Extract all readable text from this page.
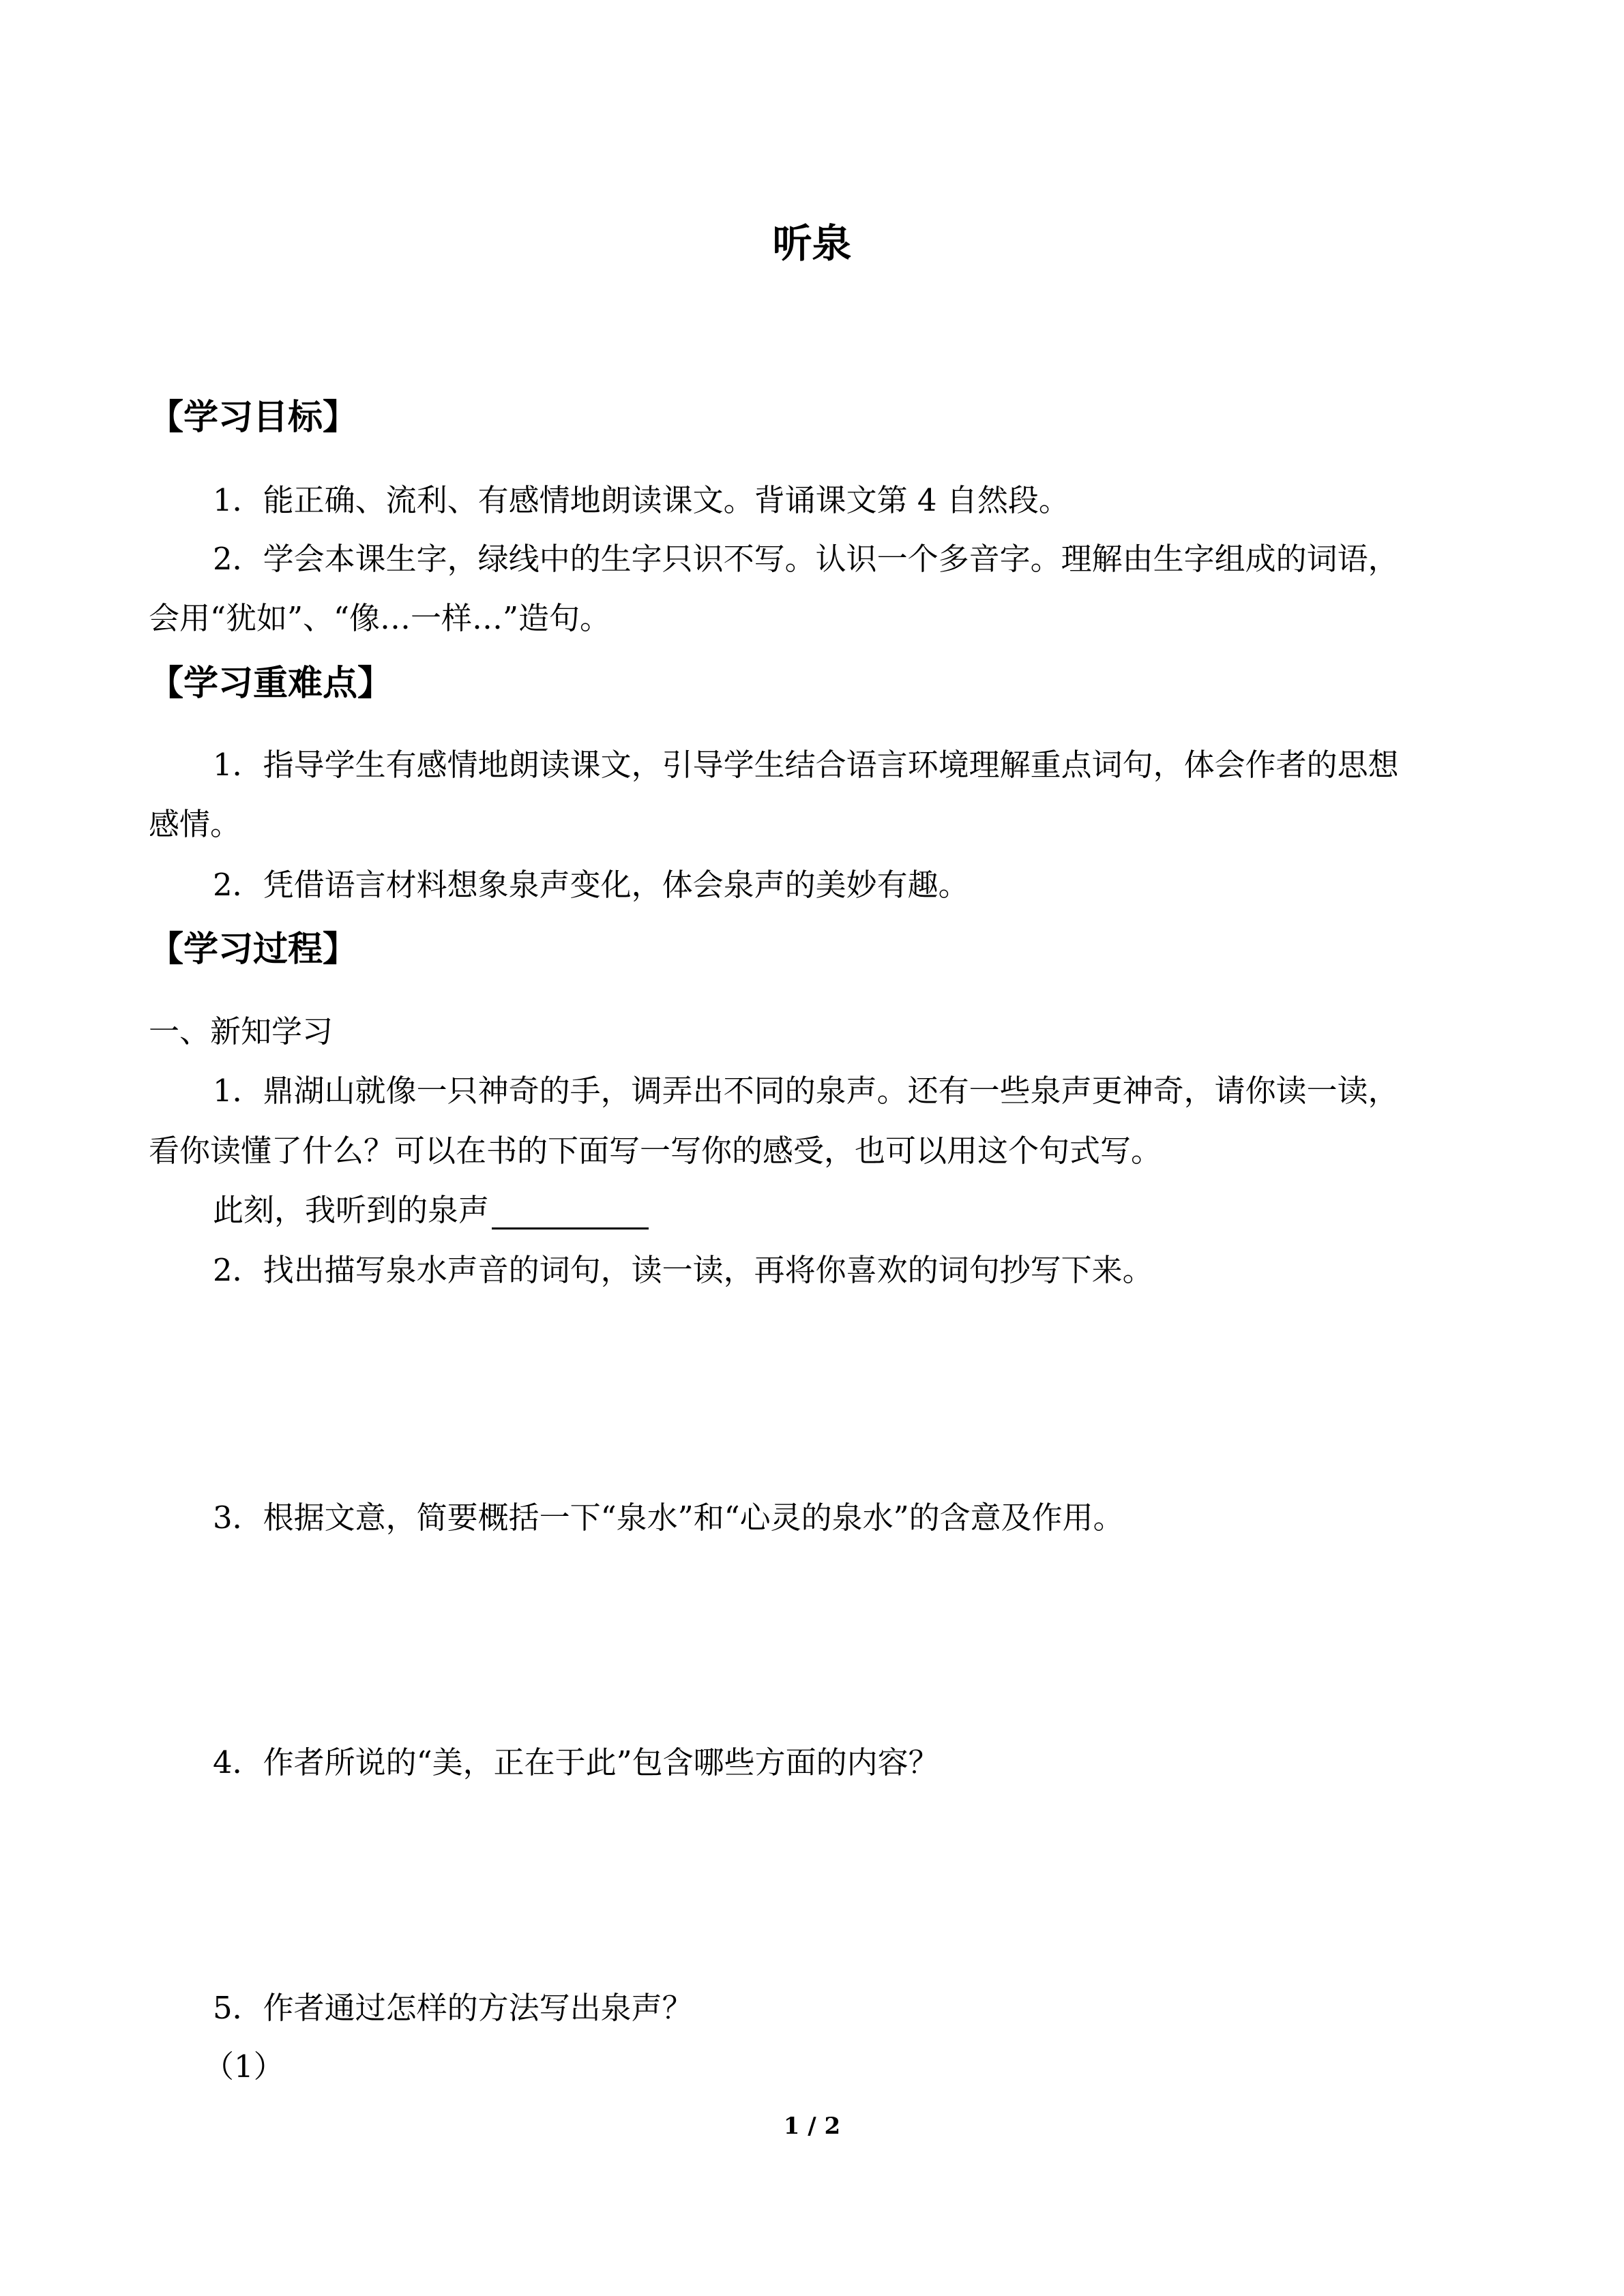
听泉
【学习目标】
1．能正确、流利、有感情地朗读课文。背诵课文第 4 自然段。
2．学会本课生字，绿线中的生字只识不写。认识一个多音字。理解由生字组成的词语，
会用“犹如”、“像…一样…”造句。
【学习重难点】
1．指导学生有感情地朗读课文，引导学生结合语言环境理解重点词句，体会作者的思想
感情。
2．凭借语言材料想象泉声变化，体会泉声的美妙有趣。
【学习过程】
一、新知学习
1．鼎湖山就像一只神奇的手，调弄出不同的泉声。还有一些泉声更神奇，请你读一读，
看你读懂了什么？可以在书的下面写一写你的感受，也可以用这个句式写。
此刻，我听到的泉声
2．找出描写泉水声音的词句，读一读，再将你喜欢的词句抄写下来。
3．根据文意，简要概括一下“泉水”和“心灵的泉水”的含意及作用。
4．作者所说的“美，正在于此”包含哪些方面的内容？
5．作者通过怎样的方法写出泉声？
（1）
1 / 2
